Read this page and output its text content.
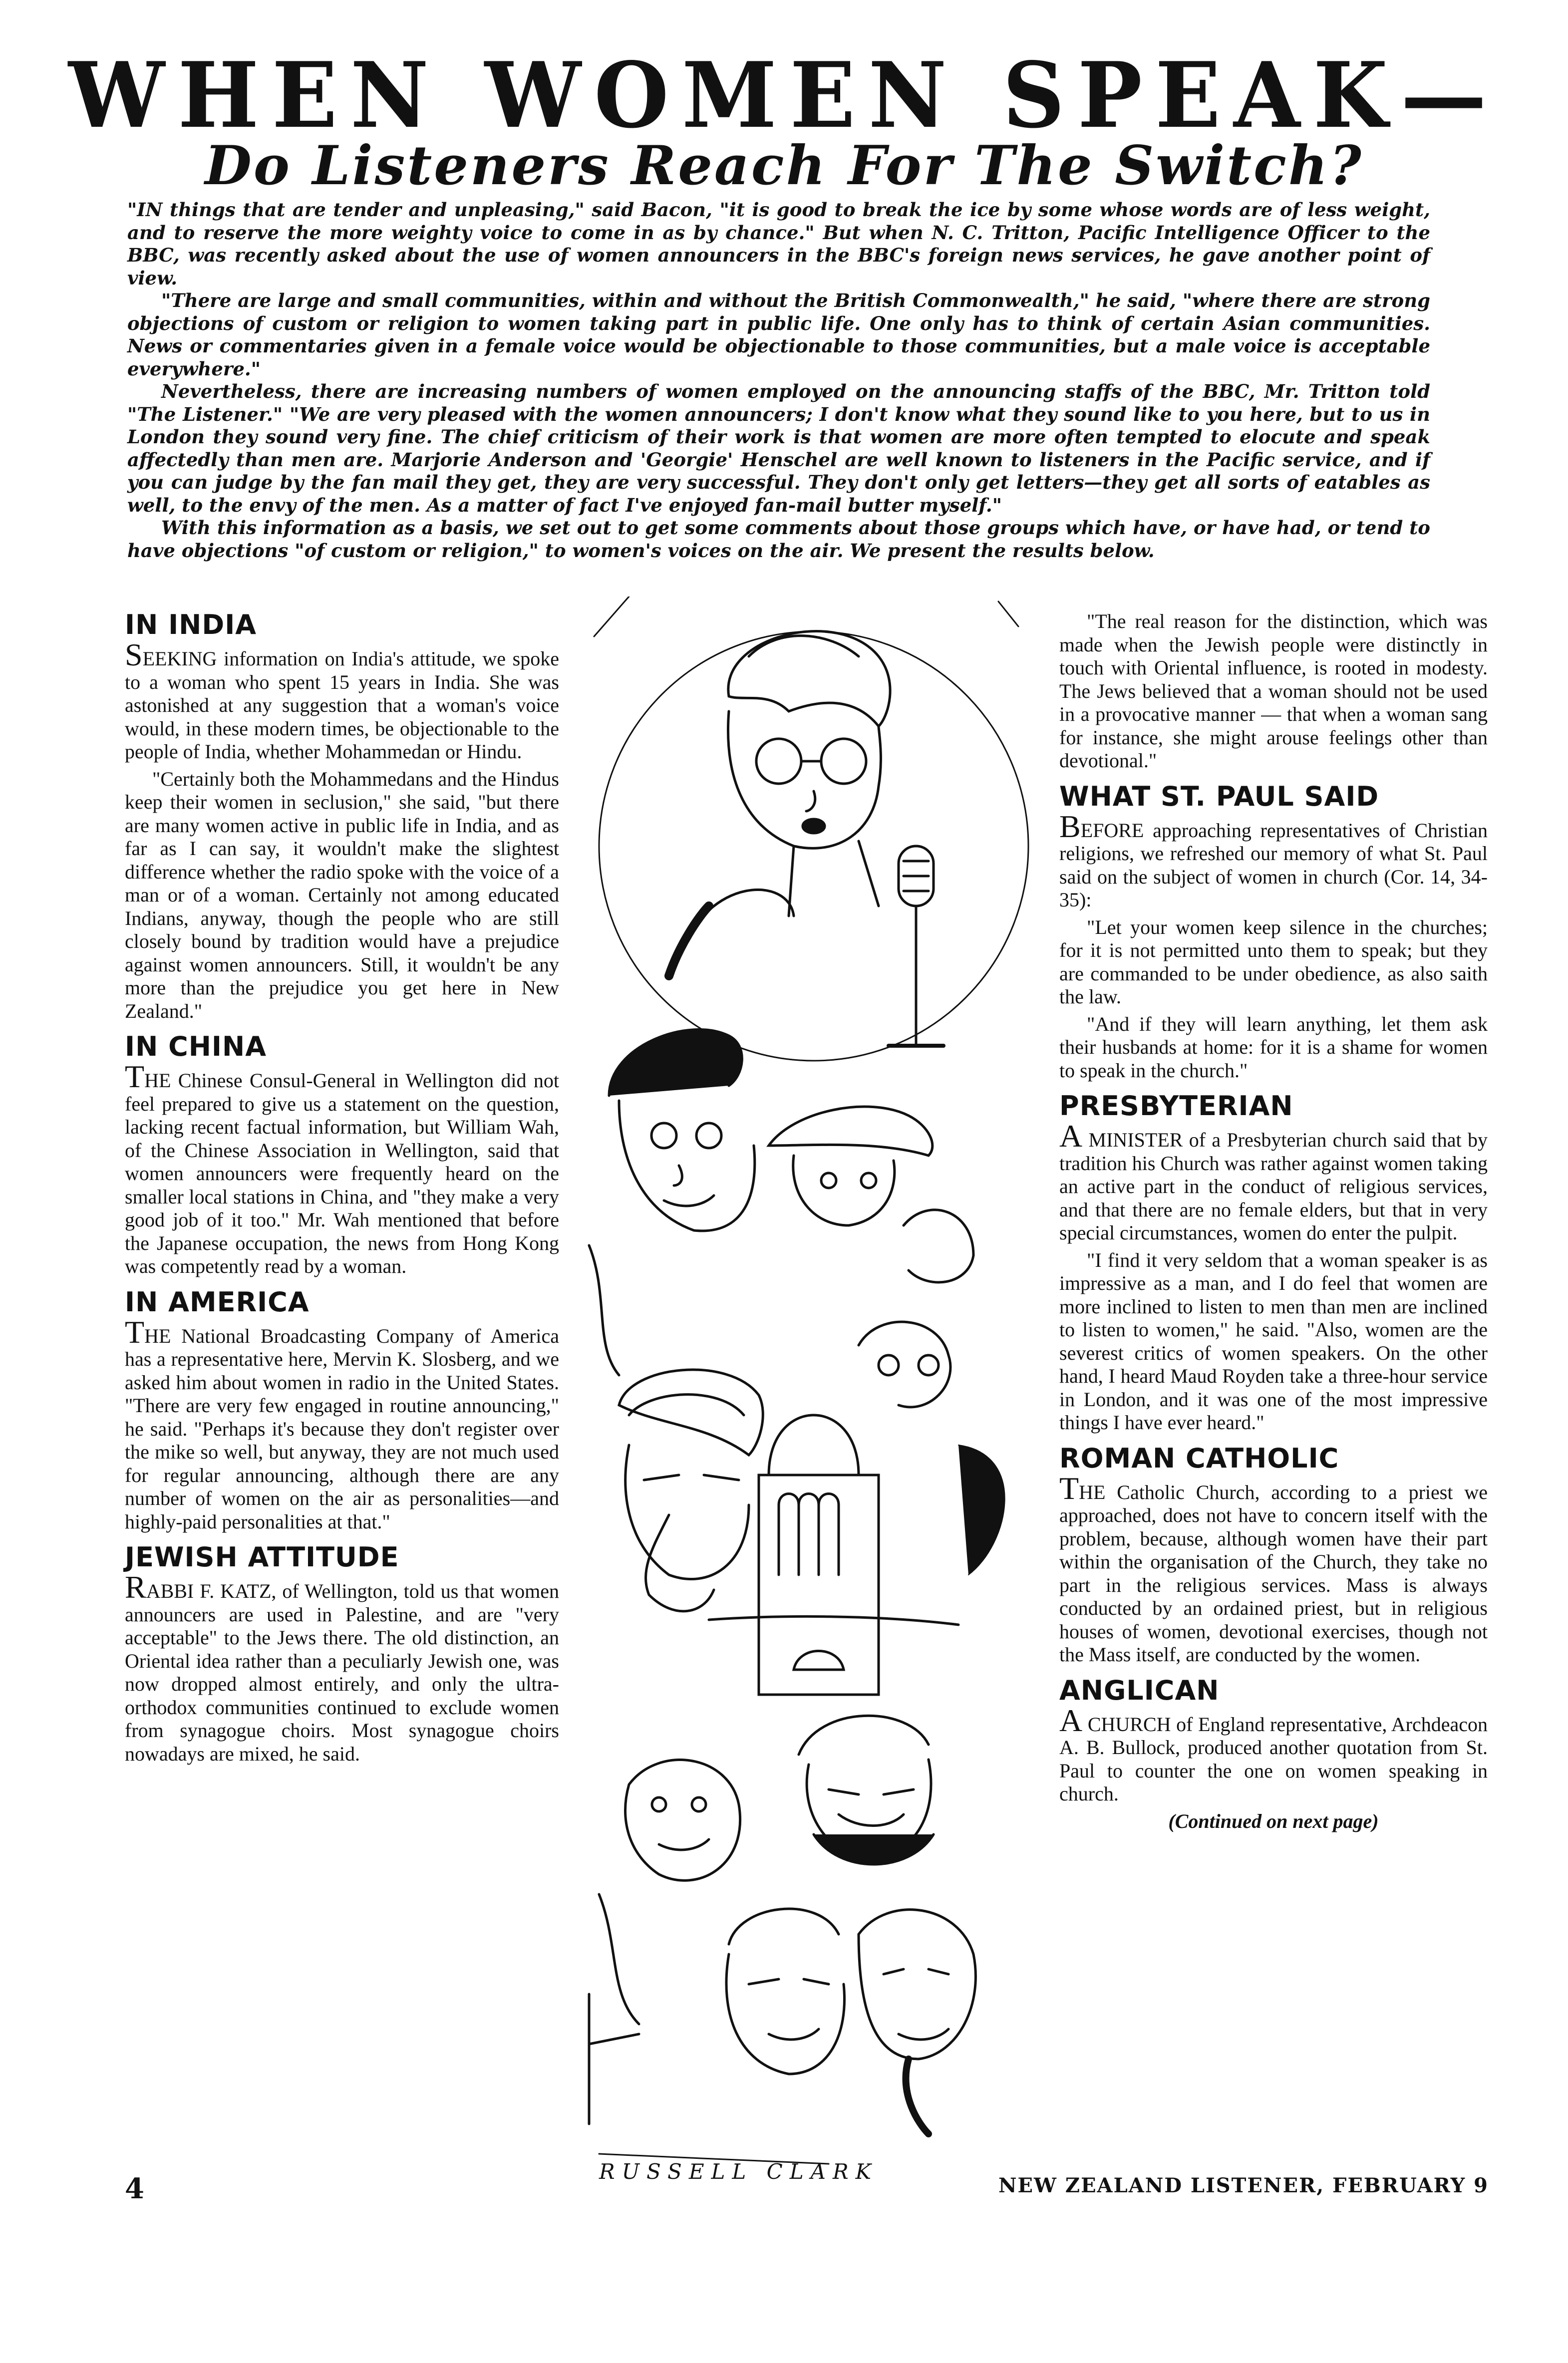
WHEN WOMEN SPEAK—
Do Listeners Reach For The Switch?

"IN things that are tender and unpleasing," said Bacon, "it is good to break the ice by some whose words are of less weight, and to reserve the more weighty voice to come in as by chance." But when N. C. Tritton, Pacific Intelligence Officer to the BBC, was recently asked about the use of women announcers in the BBC's foreign news services, he gave another point of view.

"There are large and small communities, within and without the British Commonwealth," he said, "where there are strong objections of custom or religion to women taking part in public life. One only has to think of certain Asian communities. News or commentaries given in a female voice would be objectionable to those communities, but a male voice is acceptable everywhere."

Nevertheless, there are increasing numbers of women employed on the announcing staffs of the BBC, Mr. Tritton told "The Listener." "We are very pleased with the women announcers; I don't know what they sound like to you here, but to us in London they sound very fine. The chief criticism of their work is that women are more often tempted to elocute and speak affectedly than men are. Marjorie Anderson and 'Georgie' Henschel are well known to listeners in the Pacific service, and if you can judge by the fan mail they get, they are very successful. They don't only get letters—they get all sorts of eatables as well, to the envy of the men. As a matter of fact I've enjoyed fan-mail butter myself."

With this information as a basis, we set out to get some comments about those groups which have, or have had, or tend to have objections "of custom or religion," to women's voices on the air. We present the results below.

IN INDIA

SEEKING information on India's attitude, we spoke to a woman who spent 15 years in India. She was astonished at any suggestion that a woman's voice would, in these modern times, be objectionable to the people of India, whether Mohammedan or Hindu.

"Certainly both the Mohammedans and the Hindus keep their women in seclusion," she said, "but there are many women active in public life in India, and as far as I can say, it wouldn't make the slightest difference whether the radio spoke with the voice of a man or of a woman. Certainly not among educated Indians, anyway, though the people who are still closely bound by tradition would have a prejudice against women announcers. Still, it wouldn't be any more than the prejudice you get here in New Zealand."

IN CHINA

THE Chinese Consul-General in Wellington did not feel prepared to give us a statement on the question, lacking recent factual information, but William Wah, of the Chinese Association in Wellington, said that women announcers were frequently heard on the smaller local stations in China, and "they make a very good job of it too." Mr. Wah mentioned that before the Japanese occupation, the news from Hong Kong was competently read by a woman.

IN AMERICA

THE National Broadcasting Company of America has a representative here, Mervin K. Slosberg, and we asked him about women in radio in the United States. "There are very few engaged in routine announcing," he said. "Perhaps it's because they don't register over the mike so well, but anyway, they are not much used for regular announcing, although there are any number of women on the air as personalities—and highly-paid personalities at that."

JEWISH ATTITUDE

RABBI F. KATZ, of Wellington, told us that women announcers are used in Palestine, and are "very acceptable" to the Jews there. The old distinction, an Oriental idea rather than a peculiarly Jewish one, was now dropped almost entirely, and only the ultra-orthodox communities continued to exclude women from synagogue choirs. Most synagogue choirs nowadays are mixed, he said.

RUSSELL CLARK

"The real reason for the distinction, which was made when the Jewish people were distinctly in touch with Oriental influence, is rooted in modesty. The Jews believed that a woman should not be used in a provocative manner — that when a woman sang for instance, she might arouse feelings other than devotional."

WHAT ST. PAUL SAID

BEFORE approaching representatives of Christian religions, we refreshed our memory of what St. Paul said on the subject of women in church (Cor. 14, 34-35):

"Let your women keep silence in the churches; for it is not permitted unto them to speak; but they are commanded to be under obedience, as also saith the law.

"And if they will learn anything, let them ask their husbands at home: for it is a shame for women to speak in the church."

PRESBYTERIAN

A MINISTER of a Presbyterian church said that by tradition his Church was rather against women taking an active part in the conduct of religious services, and that there are no female elders, but that in very special circumstances, women do enter the pulpit.

"I find it very seldom that a woman speaker is as impressive as a man, and I do feel that women are more inclined to listen to men than men are inclined to listen to women," he said. "Also, women are the severest critics of women speakers. On the other hand, I heard Maud Royden take a three-hour service in London, and it was one of the most impressive things I have ever heard."

ROMAN CATHOLIC

THE Catholic Church, according to a priest we approached, does not have to concern itself with the problem, because, although women have their part within the organisation of the Church, they take no part in the religious services. Mass is always conducted by an ordained priest, but in religious houses of women, devotional exercises, though not the Mass itself, are conducted by the women.

ANGLICAN

A CHURCH of England representative, Archdeacon A. B. Bullock, produced another quotation from St. Paul to counter the one on women speaking in church.

(Continued on next page)

4	NEW ZEALAND LISTENER, FEBRUARY 9
